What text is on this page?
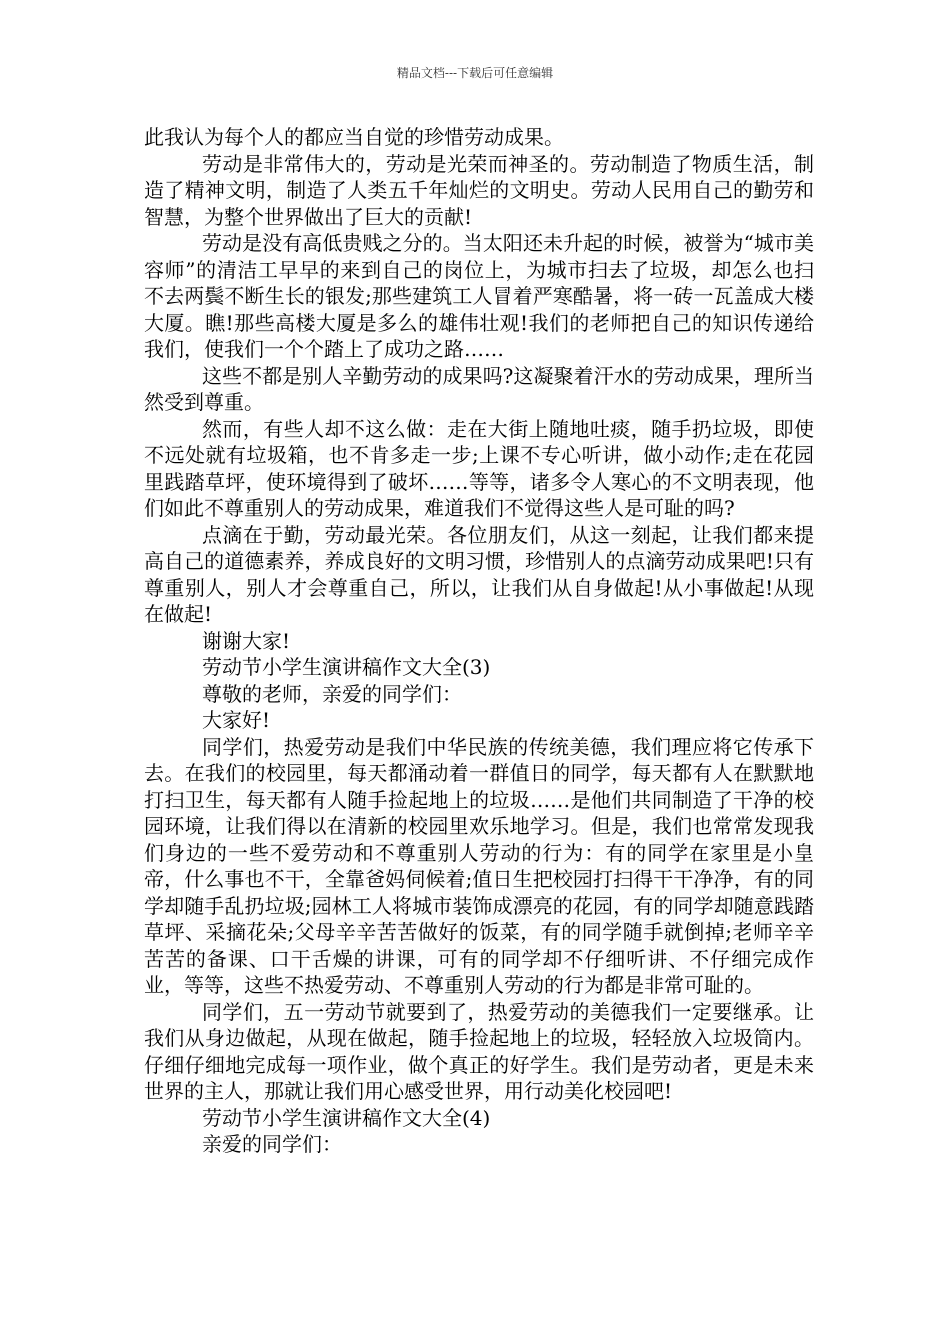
精品文档---下载后可任意编辑

此我认为每个人的都应当自觉的珍惜劳动成果。

劳动是非常伟大的，劳动是光荣而神圣的。劳动制造了物质生活，制造了精神文明，制造了人类五千年灿烂的文明史。劳动人民用自己的勤劳和智慧，为整个世界做出了巨大的贡献!

劳动是没有高低贵贱之分的。当太阳还未升起的时候，被誉为“城市美容师”的清洁工早早的来到自己的岗位上，为城市扫去了垃圾，却怎么也扫不去两鬓不断生长的银发;那些建筑工人冒着严寒酷暑，将一砖一瓦盖成大楼大厦。瞧!那些高楼大厦是多么的雄伟壮观!我们的老师把自己的知识传递给我们，使我们一个个踏上了成功之路……

这些不都是别人辛勤劳动的成果吗?这凝聚着汗水的劳动成果，理所当然受到尊重。

然而，有些人却不这么做：走在大街上随地吐痰，随手扔垃圾，即使不远处就有垃圾箱，也不肯多走一步;上课不专心听讲，做小动作;走在花园里践踏草坪，使环境得到了破坏……等等，诸多令人寒心的不文明表现，他们如此不尊重别人的劳动成果，难道我们不觉得这些人是可耻的吗?

点滴在于勤，劳动最光荣。各位朋友们，从这一刻起，让我们都来提高自己的道德素养，养成良好的文明习惯，珍惜别人的点滴劳动成果吧!只有尊重别人，别人才会尊重自己，所以，让我们从自身做起!从小事做起!从现在做起!

谢谢大家!

劳动节小学生演讲稿作文大全(3)

尊敬的老师，亲爱的同学们：

大家好!

同学们，热爱劳动是我们中华民族的传统美德，我们理应将它传承下去。在我们的校园里，每天都涌动着一群值日的同学，每天都有人在默默地打扫卫生，每天都有人随手捡起地上的垃圾……是他们共同制造了干净的校园环境，让我们得以在清新的校园里欢乐地学习。但是，我们也常常发现我们身边的一些不爱劳动和不尊重别人劳动的行为：有的同学在家里是小皇帝，什么事也不干，全靠爸妈伺候着;值日生把校园打扫得干干净净，有的同学却随手乱扔垃圾;园林工人将城市装饰成漂亮的花园，有的同学却随意践踏草坪、采摘花朵;父母辛辛苦苦做好的饭菜，有的同学随手就倒掉;老师辛辛苦苦的备课、口干舌燥的讲课，可有的同学却不仔细听讲、不仔细完成作业，等等，这些不热爱劳动、不尊重别人劳动的行为都是非常可耻的。

同学们，五一劳动节就要到了，热爱劳动的美德我们一定要继承。让我们从身边做起，从现在做起，随手捡起地上的垃圾，轻轻放入垃圾筒内。仔细仔细地完成每一项作业，做个真正的好学生。我们是劳动者，更是未来世界的主人，那就让我们用心感受世界，用行动美化校园吧!

劳动节小学生演讲稿作文大全(4)

亲爱的同学们：
